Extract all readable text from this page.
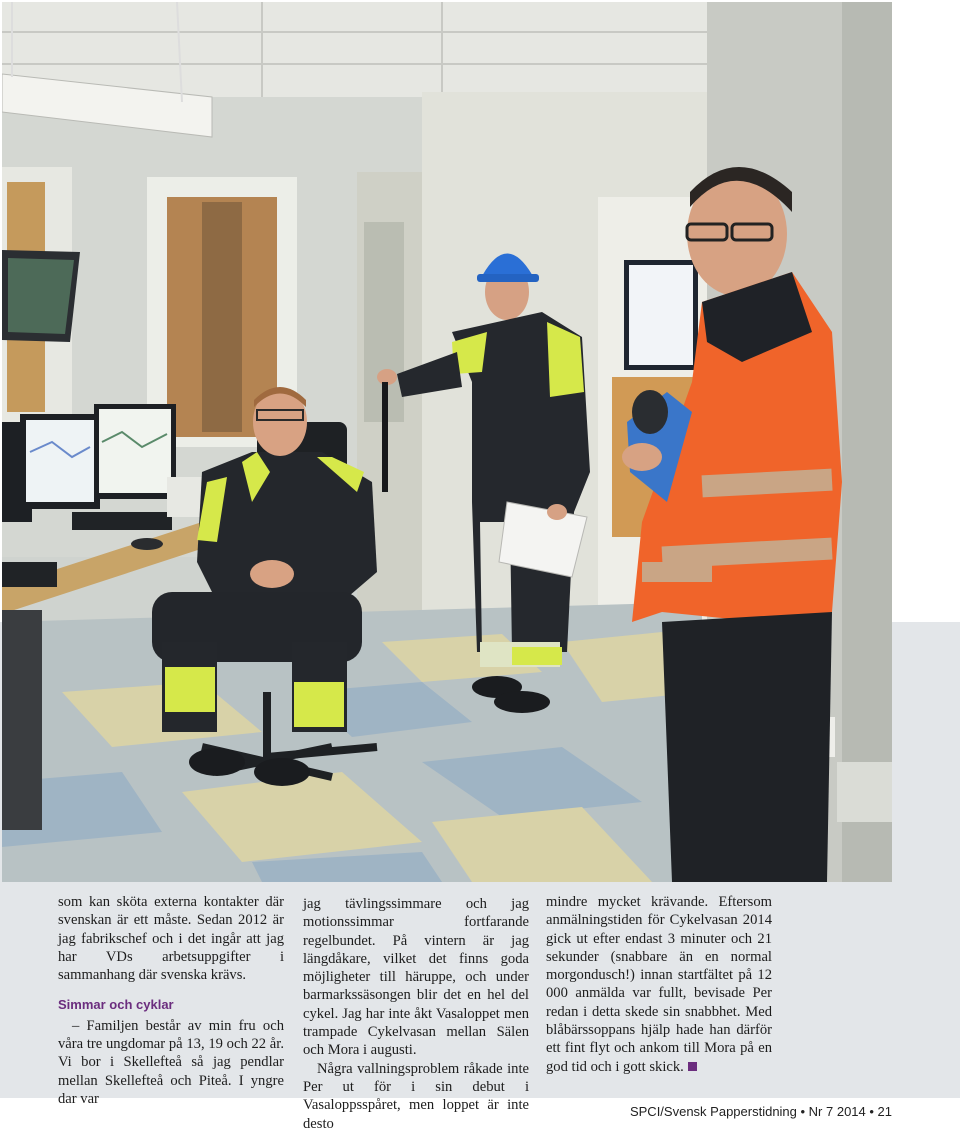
som kan sköta externa kontakter där svenskan är ett måste. Sedan 2012 är jag fabrikschef och i det ingår att jag har VDs arbetsuppgifter i sammanhang där svenska krävs.

Simmar och cyklar

– Familjen består av min fru och våra tre ungdomar på 13, 19 och 22 år. Vi bor i Skellefteå så jag pendlar mellan Skellefteå och Piteå. I yngre dar var

jag tävlingssimmare och jag motionssimmar fortfarande regelbundet. På vintern är jag längdåkare, vilket det finns goda möjligheter till häruppe, och under barmarkssäsongen blir det en hel del cykel. Jag har inte åkt Vasaloppet men trampade Cykelvasan mellan Sälen och Mora i augusti.

Några vallningsproblem råkade inte Per ut för i sin debut i Vasaloppsspåret, men loppet är inte desto

mindre mycket krävande. Eftersom anmälningstiden för Cykelvasan 2014 gick ut efter endast 3 minuter och 21 sekunder (snabbare än en normal morgondusch!) innan startfältet på 12 000 anmälda var fullt, bevisade Per redan i detta skede sin snabbhet. Med blåbärssoppans hjälp hade han därför ett fint flyt och ankom till Mora på en god tid och i gott skick.

SPCI/Svensk Papperstidning • Nr 7 2014 • 21
